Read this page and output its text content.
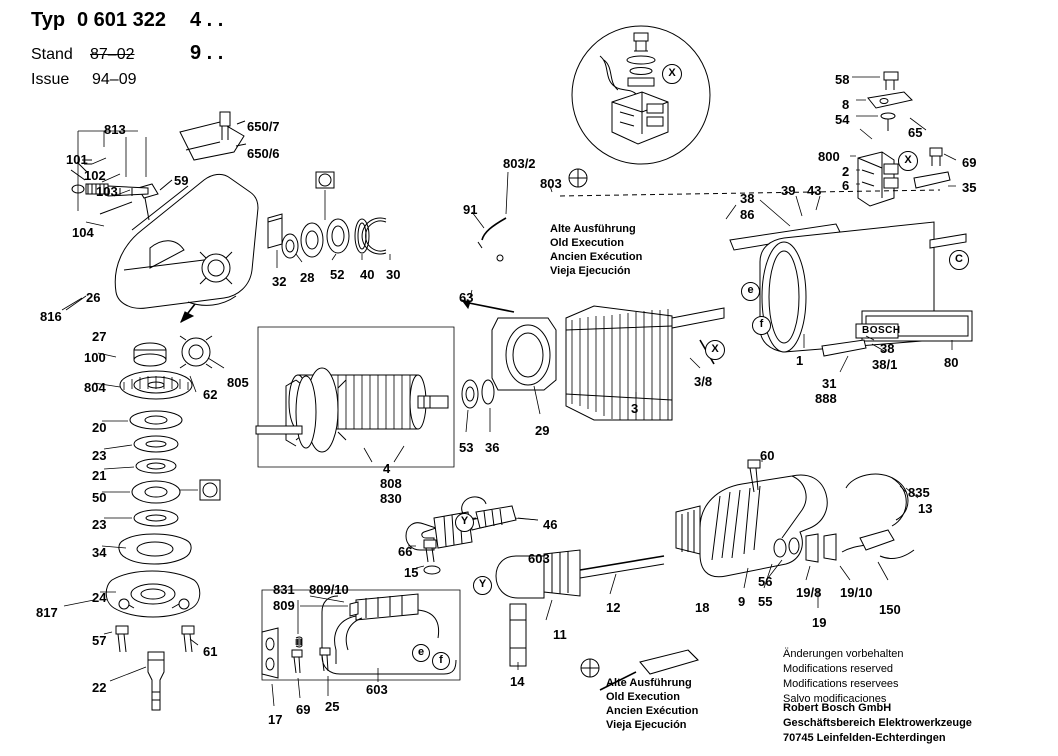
Typ 0 601 322 4 . .
9 . .
Stand 87–02
Issue 94–09
BOSCH
X
X
X
C
e
f
Y
Y
e
f
813
101
102
103
104
59
650/7
650/6
32 28 52 40 30
26
816
27
100
804	62
805
20
23
21
50
23
34
24
817
57
61
22
91
803/2
803
63
53 36
29
4
808
830
3
3/8
38
86
39 43
1
31
888
38
38/1	80
58
8
54
65
800
2
6
69
35
60
835
13
46
66
15
603
831 809/10
809	12
11
18 9 55
56
19/8 19/10
19
150
14
603
17
69 25
Alte Ausführung
Old Execution
Ancien Exécution
Vieja Ejecución
Alte Ausführung
Old Execution
Ancien Exécution
Vieja Ejecución
Änderungen vorbehalten
Modifications reserved
Modifications reservees
Salvo modificaciones
Robert Bosch GmbH
Geschäftsbereich Elektrowerkzeuge
70745 Leinfelden-Echterdingen
